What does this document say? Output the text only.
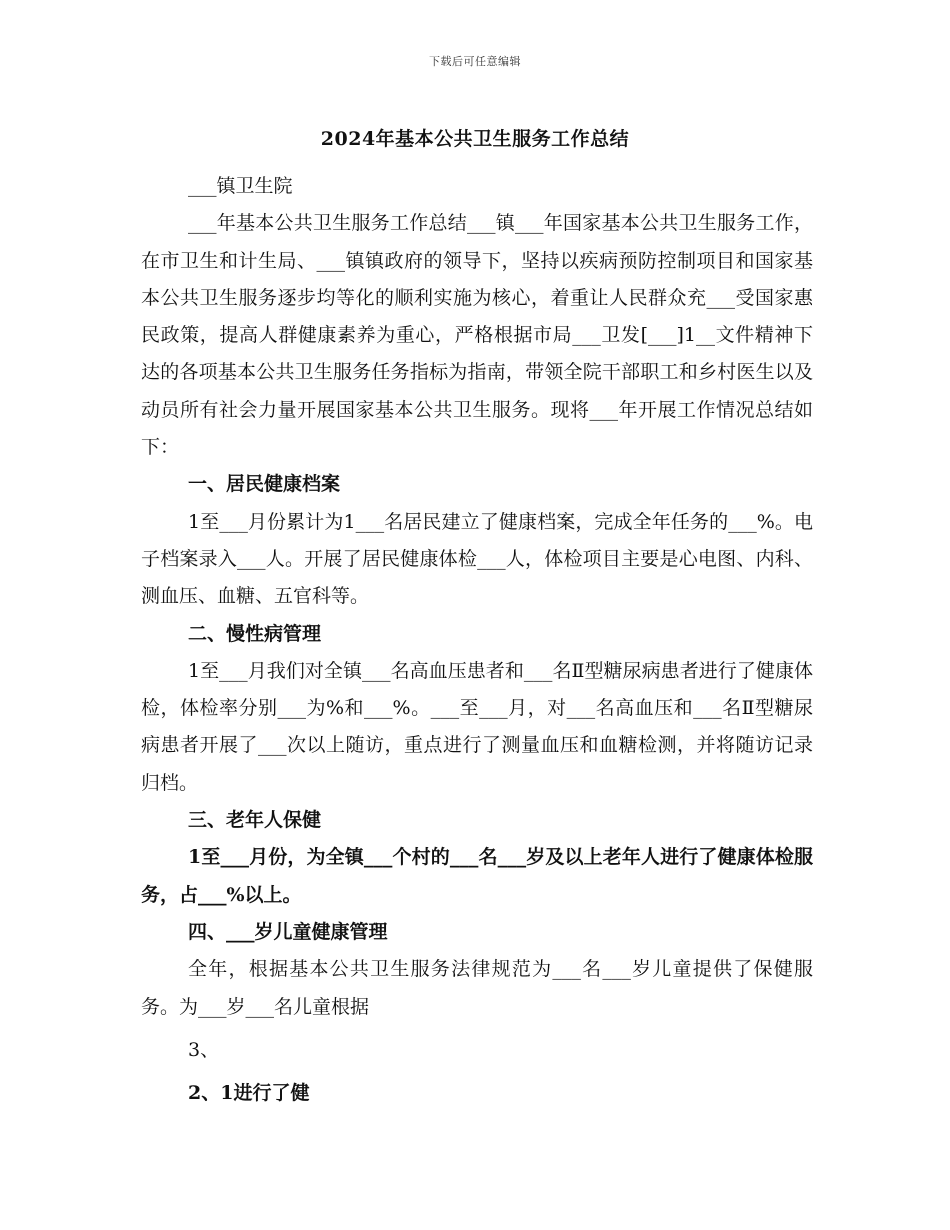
下载后可任意编辑
2024年基本公共卫生服务工作总结

___镇卫生院

___年基本公共卫生服务工作总结___镇___年国家基本公共卫生服务工作，在市卫生和计生局、___镇镇政府的领导下，坚持以疾病预防控制项目和国家基本公共卫生服务逐步均等化的顺利实施为核心，着重让人民群众充___受国家惠民政策，提高人群健康素养为重心，严格根据市局___卫发[___]1__文件精神下达的各项基本公共卫生服务任务指标为指南，带领全院干部职工和乡村医生以及动员所有社会力量开展国家基本公共卫生服务。现将___年开展工作情况总结如下：

一、居民健康档案

1至___月份累计为1___名居民建立了健康档案，完成全年任务的___%。电子档案录入___人。开展了居民健康体检___人，体检项目主要是心电图、内科、测血压、血糖、五官科等。

二、慢性病管理

1至___月我们对全镇___名高血压患者和___名Ⅱ型糖尿病患者进行了健康体检，体检率分别___为%和___%。___至___月，对___名高血压和___名Ⅱ型糖尿病患者开展了___次以上随访，重点进行了测量血压和血糖检测，并将随访记录归档。

三、老年人保健

1至___月份，为全镇___个村的___名___岁及以上老年人进行了健康体检服务，占___%以上。

四、___岁儿童健康管理

全年，根据基本公共卫生服务法律规范为___名___岁儿童提供了保健服务。为___岁___名儿童根据

3、

2、1进行了健
